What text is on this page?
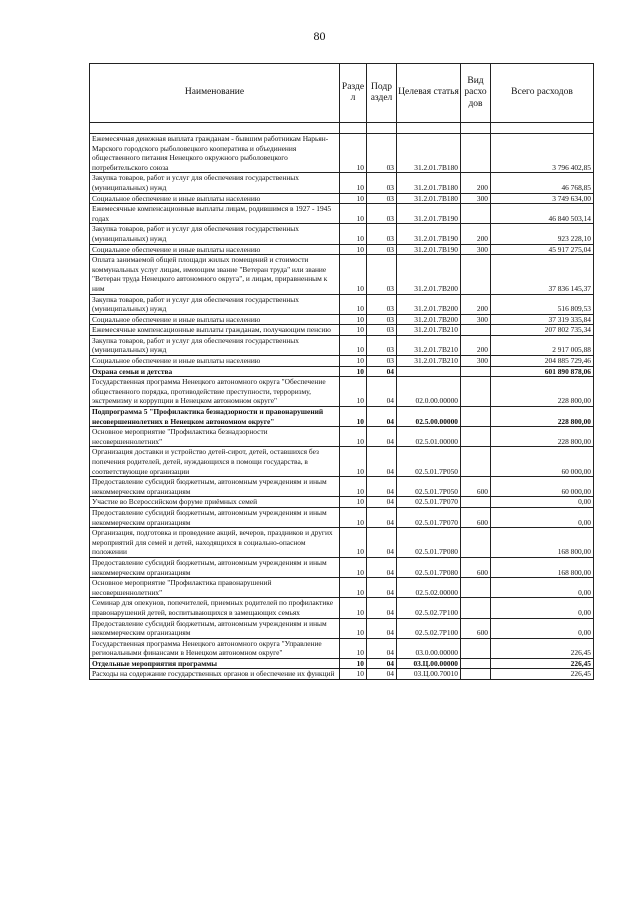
80
Наименование	Разде л	Подр аздел	Целевая статья	Вид расхо дов	Всего расходов

Ежемесячная денежная выплата гражданам - бывшим работникам Нарьян-Марского городского рыболовецкого кооператива и объединения общественного питания Ненецкого окружного рыболовецкого потребительского союза	10	03	31.2.01.7В180		3 796 402,85
Закупка товаров, работ и услуг для обеспечения государственных (муниципальных) нужд	10	03	31.2.01.7В180	200	46 768,85
Социальное обеспечение и иные выплаты населению	10	03	31.2.01.7В180	300	3 749 634,00
Ежемесячные компенсационные выплаты лицам, родившимся в 1927 - 1945 годах	10	03	31.2.01.7В190		46 840 503,14
Закупка товаров, работ и услуг для обеспечения государственных (муниципальных) нужд	10	03	31.2.01.7В190	200	923 228,10
Социальное обеспечение и иные выплаты населению	10	03	31.2.01.7В190	300	45 917 275,04
Оплата занимаемой общей площади жилых помещений и стоимости коммунальных услуг лицам, имеющим звание "Ветеран труда" или звание "Ветеран труда Ненецкого автономного округа", и лицам, приравненным к ним	10	03	31.2.01.7В200		37 836 145,37
Закупка товаров, работ и услуг для обеспечения государственных (муниципальных) нужд	10	03	31.2.01.7В200	200	516 809,53
Социальное обеспечение и иные выплаты населению	10	03	31.2.01.7В200	300	37 319 335,84
Ежемесячные компенсационные выплаты гражданам, получающим пенсию	10	03	31.2.01.7В210		207 802 735,34
Закупка товаров, работ и услуг для обеспечения государственных (муниципальных) нужд	10	03	31.2.01.7В210	200	2 917 005,88
Социальное обеспечение и иные выплаты населению	10	03	31.2.01.7В210	300	204 885 729,46
Охрана семьи и детства	10	04			601 890 878,06
Государственная программа Ненецкого автономного округа "Обеспечение общественного порядка, противодействие преступности, терроризму, экстремизму и коррупции в Ненецком автономном округе"	10	04	02.0.00.00000		228 800,00
Подпрограмма 5 "Профилактика безнадзорности и правонарушений несовершеннолетних в Ненецком автономном округе"	10	04	02.5.00.00000		228 800,00
Основное мероприятие "Профилактика безнадзорности несовершеннолетних"	10	04	02.5.01.00000		228 800,00
Организация доставки и устройство детей-сирот, детей, оставшихся без попечения родителей, детей, нуждающихся в помощи государства, в соответствующие организации	10	04	02.5.01.7Р050		60 000,00
Предоставление субсидий бюджетным, автономным учреждениям и иным некоммерческим организациям	10	04	02.5.01.7Р050	600	60 000,00
Участие во Всероссийском форуме приёмных семей	10	04	02.5.01.7Р070		0,00
Предоставление субсидий бюджетным, автономным учреждениям и иным некоммерческим организациям	10	04	02.5.01.7Р070	600	0,00
Организация, подготовка и проведение акций, вечеров, праздников и других мероприятий для семей и детей, находящихся в социально-опасном положении	10	04	02.5.01.7Р080		168 800,00
Предоставление субсидий бюджетным, автономным учреждениям и иным некоммерческим организациям	10	04	02.5.01.7Р080	600	168 800,00
Основное мероприятие "Профилактика правонарушений несовершеннолетних"	10	04	02.5.02.00000		0,00
Семинар для опекунов, попечителей, приемных родителей по профилактике правонарушений детей, воспитывающихся в замещающих семьях	10	04	02.5.02.7Р100		0,00
Предоставление субсидий бюджетным, автономным учреждениям и иным некоммерческим организациям	10	04	02.5.02.7Р100	600	0,00
Государственная программа Ненецкого автономного округа "Управление региональными финансами в Ненецком автономном округе"	10	04	03.0.00.00000		226,45
Отдельные мероприятия программы	10	04	03.Ц.00.00000		226,45
Расходы на содержание государственных органов и обеспечение их функций	10	04	03.Ц.00.70010		226,45
